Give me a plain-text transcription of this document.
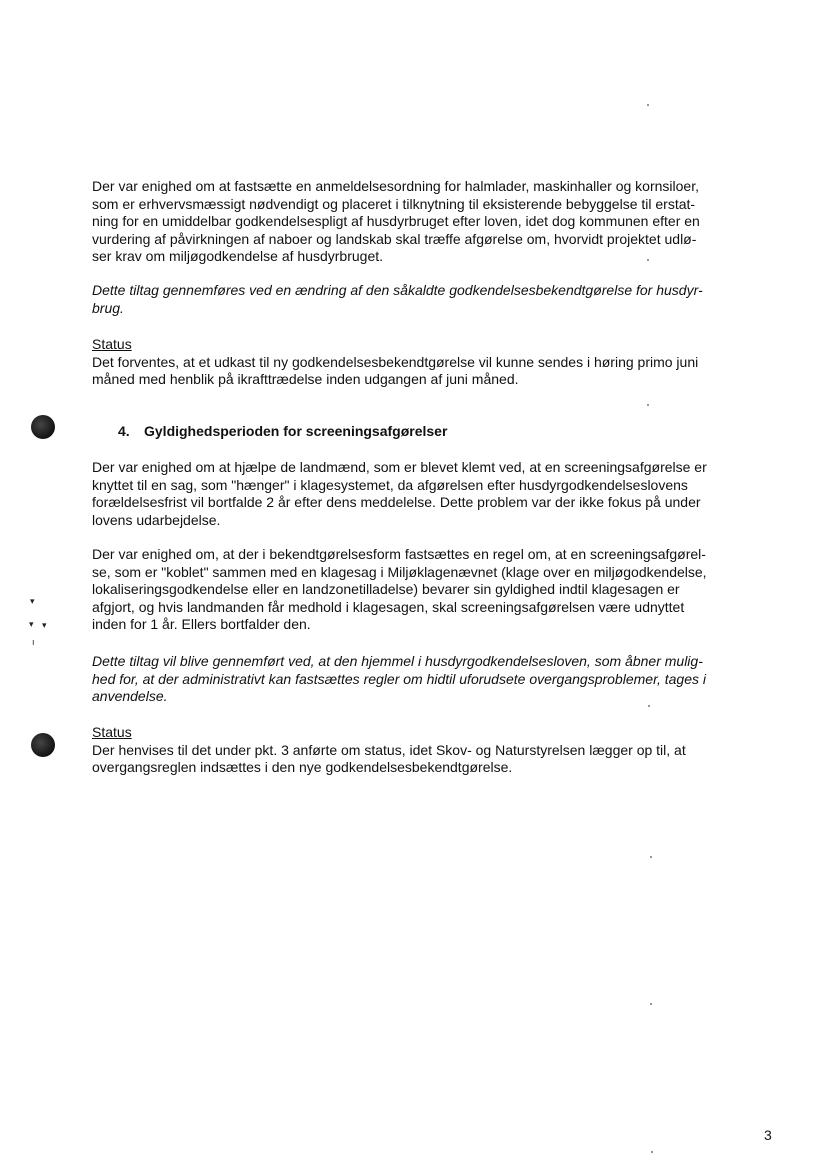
▾
▾ ▾
ı
Der var enighed om at fastsætte en anmeldelsesordning for halmlader, maskinhaller og kornsiloer,
som er erhvervsmæssigt nødvendigt og placeret i tilknytning til eksisterende bebyggelse til erstat-
ning for en umiddelbar godkendelsespligt af husdyrbruget efter loven, idet dog kommunen efter en
vurdering af påvirkningen af naboer og landskab skal træffe afgørelse om, hvorvidt projektet udlø-
ser krav om miljøgodkendelse af husdyrbruget.
Dette tiltag gennemføres ved en ændring af den såkaldte godkendelsesbekendtgørelse for husdyr-
brug.
Status
Det forventes, at et udkast til ny godkendelsesbekendtgørelse vil kunne sendes i høring primo juni
måned med henblik på ikrafttrædelse inden udgangen af juni måned.
4. Gyldighedsperioden for screeningsafgørelser
Der var enighed om at hjælpe de landmænd, som er blevet klemt ved, at en screeningsafgørelse er
knyttet til en sag, som "hænger" i klagesystemet, da afgørelsen efter husdyrgodkendelseslovens
forældelsesfrist vil bortfalde 2 år efter dens meddelelse. Dette problem var der ikke fokus på under
lovens udarbejdelse.
Der var enighed om, at der i bekendtgørelsesform fastsættes en regel om, at en screeningsafgørel-
se, som er "koblet" sammen med en klagesag i Miljøklagenævnet (klage over en miljøgodkendelse,
lokaliseringsgodkendelse eller en landzonetilladelse) bevarer sin gyldighed indtil klagesagen er
afgjort, og hvis landmanden får medhold i klagesagen, skal screeningsafgørelsen være udnyttet
inden for 1 år. Ellers bortfalder den.
Dette tiltag vil blive gennemført ved, at den hjemmel i husdyrgodkendelsesloven, som åbner mulig-
hed for, at der administrativt kan fastsættes regler om hidtil uforudsete overgangsproblemer, tages i
anvendelse.
Status
Der henvises til det under pkt. 3 anførte om status, idet Skov- og Naturstyrelsen lægger op til, at
overgangsreglen indsættes i den nye godkendelsesbekendtgørelse.
3
